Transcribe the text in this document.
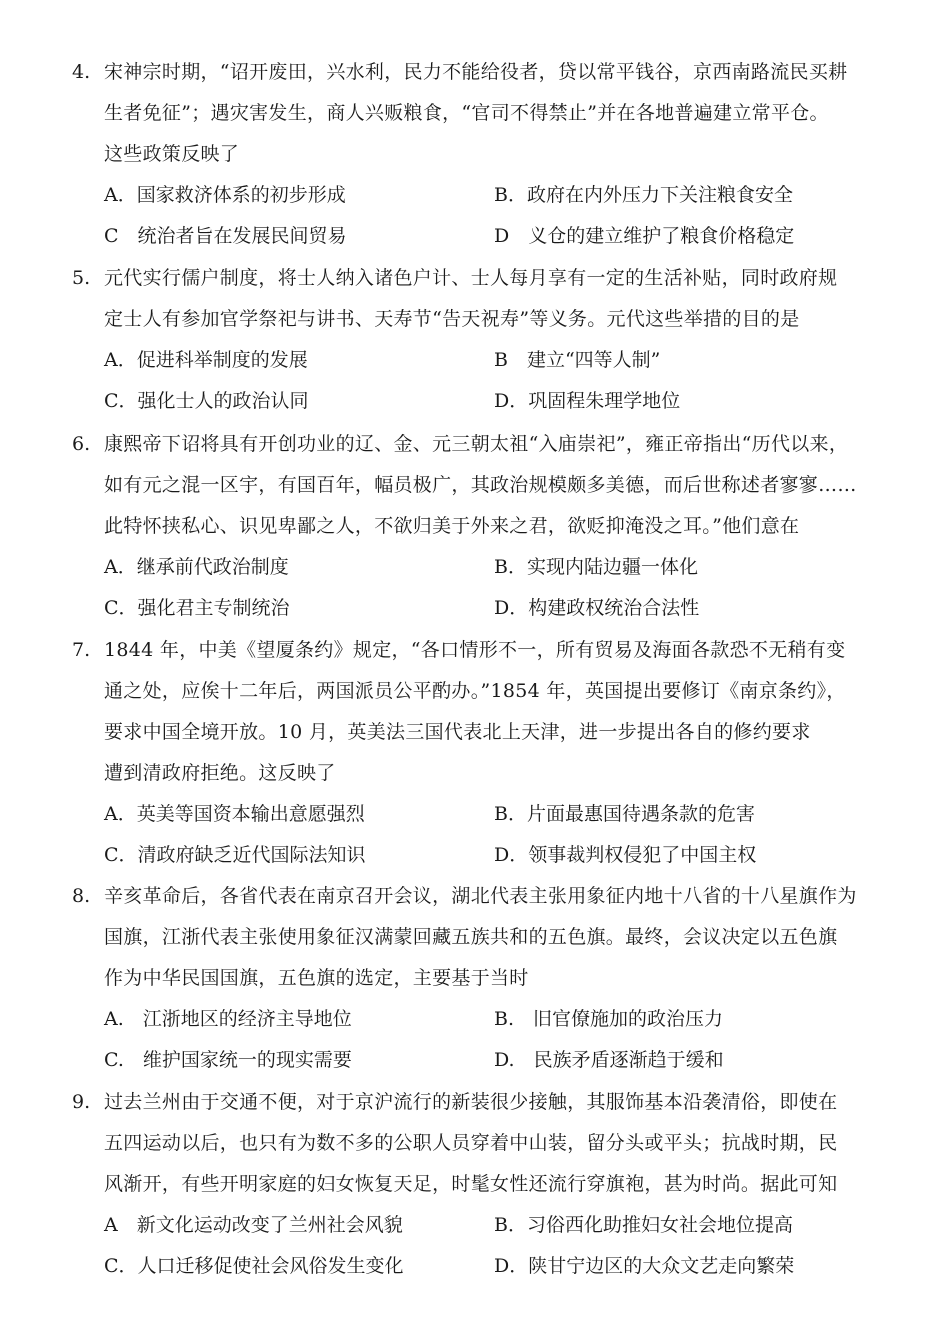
4. 宋神宗时期，“诏开废田，兴水利，民力不能给役者，贷以常平钱谷，京西南路流民买耕
生者免征”；遇灾害发生，商人兴贩粮食，“官司不得禁止”并在各地普遍建立常平仓。
这些政策反映了
A．国家救济体系的初步形成	B．政府在内外压力下关注粮食安全
C　统治者旨在发展民间贸易	D　义仓的建立维护了粮食价格稳定
5. 元代实行儒户制度，将士人纳入诸色户计、士人每月享有一定的生活补贴，同时政府规
定士人有参加官学祭祀与讲书、天寿节“告天祝寿”等义务。元代这些举措的目的是
A．促进科举制度的发展	B　建立“四等人制”
C．强化士人的政治认同	D．巩固程朱理学地位
6. 康熙帝下诏将具有开创功业的辽、金、元三朝太祖“入庙崇祀”，雍正帝指出“历代以来，
如有元之混一区宇，有国百年，幅员极广，其政治规模颇多美德，而后世称述者寥寥……
此特怀挟私心、识见卑鄙之人，不欲归美于外来之君，欲贬抑淹没之耳。”他们意在
A．继承前代政治制度	B．实现内陆边疆一体化
C．强化君主专制统治	D．构建政权统治合法性
7. 1844 年，中美《望厦条约》规定，“各口情形不一，所有贸易及海面各款恐不无稍有变
通之处，应俟十二年后，两国派员公平酌办。”1854 年，英国提出要修订《南京条约》，
要求中国全境开放。10 月，英美法三国代表北上天津，进一步提出各自的修约要求
遭到清政府拒绝。这反映了
A．英美等国资本输出意愿强烈	B．片面最惠国待遇条款的危害
C．清政府缺乏近代国际法知识	D．领事裁判权侵犯了中国主权
8. 辛亥革命后，各省代表在南京召开会议，湖北代表主张用象征内地十八省的十八星旗作为
国旗，江浙代表主张使用象征汉满蒙回藏五族共和的五色旗。最终，会议决定以五色旗
作为中华民国国旗，五色旗的选定，主要基于当时
A.　江浙地区的经济主导地位	B.　旧官僚施加的政治压力
C.　维护国家统一的现实需要	D.　民族矛盾逐渐趋于缓和
9. 过去兰州由于交通不便，对于京沪流行的新装很少接触，其服饰基本沿袭清俗，即使在
五四运动以后，也只有为数不多的公职人员穿着中山装，留分头或平头；抗战时期，民
风渐开，有些开明家庭的妇女恢复天足，时髦女性还流行穿旗袍，甚为时尚。据此可知
A　新文化运动改变了兰州社会风貌	B．习俗西化助推妇女社会地位提高
C．人口迁移促使社会风俗发生变化	D．陕甘宁边区的大众文艺走向繁荣
